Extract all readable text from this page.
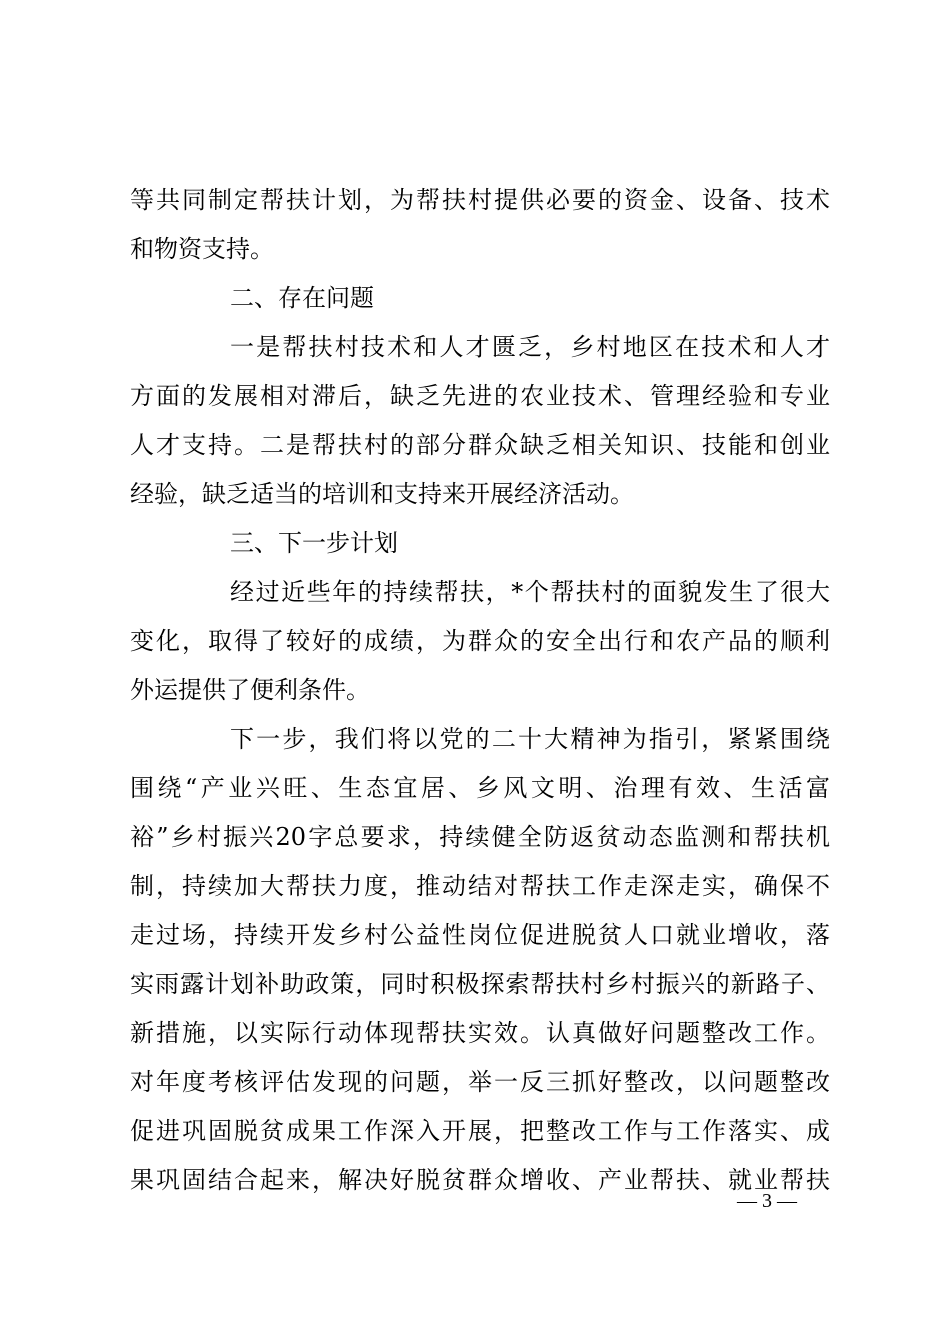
等共同制定帮扶计划，为帮扶村提供必要的资金、设备、技术
和物资支持。
二、存在问题
一是帮扶村技术和人才匮乏，乡村地区在技术和人才
方面的发展相对滞后，缺乏先进的农业技术、管理经验和专业
人才支持。二是帮扶村的部分群众缺乏相关知识、技能和创业
经验，缺乏适当的培训和支持来开展经济活动。
三、下一步计划
经过近些年的持续帮扶，*个帮扶村的面貌发生了很大
变化，取得了较好的成绩，为群众的安全出行和农产品的顺利
外运提供了便利条件。
下一步，我们将以党的二十大精神为指引，紧紧围绕
围绕“产业兴旺、生态宜居、乡风文明、治理有效、生活富
裕”乡村振兴20字总要求，持续健全防返贫动态监测和帮扶机
制，持续加大帮扶力度，推动结对帮扶工作走深走实，确保不
走过场，持续开发乡村公益性岗位促进脱贫人口就业增收，落
实雨露计划补助政策，同时积极探索帮扶村乡村振兴的新路子、
新措施，以实际行动体现帮扶实效。认真做好问题整改工作。
对年度考核评估发现的问题，举一反三抓好整改，以问题整改
促进巩固脱贫成果工作深入开展，把整改工作与工作落实、成
果巩固结合起来，解决好脱贫群众增收、产业帮扶、就业帮扶
— 3 —
